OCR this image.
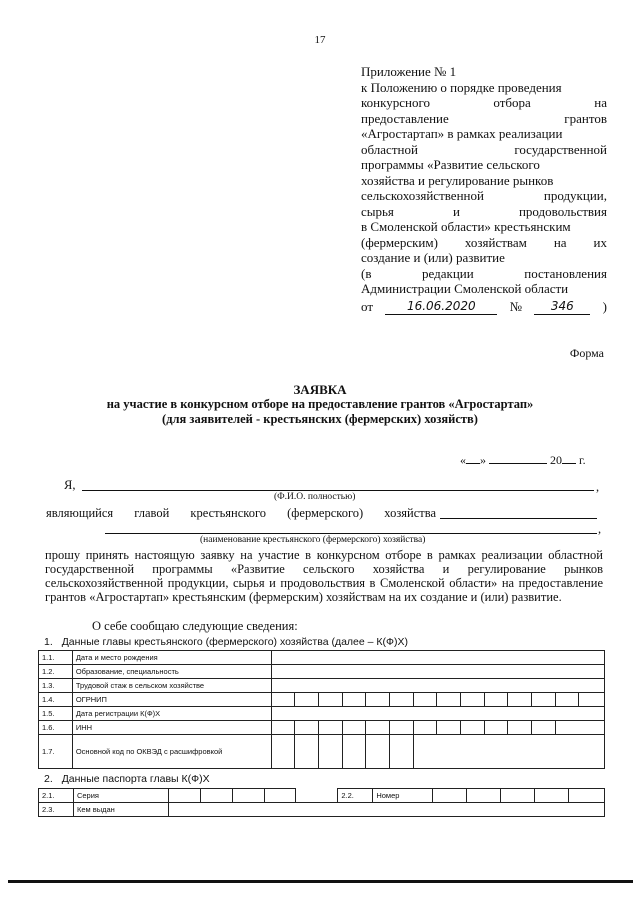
17
Приложение № 1
к Положению о порядке проведения
конкурсного	отбора	на
предоставление	грантов
«Агростартап» в рамках реализации
областной	государственной
программы «Развитие сельского
хозяйства и регулирование рынков
сельскохозяйственной	продукции,
сырья	и	продовольствия
в Смоленской области» крестьянским
(фермерским) хозяйствам на их
создание и (или) развитие
(в	редакции	постановления
Администрации Смоленской области
от	16.06.2020	№	346	)
Форма
ЗАЯВКА
на участие в конкурсном отборе на предоставление грантов «Агростартап»
(для заявителей - крестьянских (фермерских) хозяйств)
« »	20 г.
Я,	,
(Ф.И.О. полностью)
являющийся главой крестьянского (фермерского) хозяйства
,
(наименование крестьянского (фермерского) хозяйства)
прошу принять настоящую заявку на участие в конкурсном отборе в рамках реализации областной государственной программы «Развитие сельского хозяйства и регулирование рынков сельскохозяйственной продукции, сырья и продовольствия в Смоленской области» на предоставление грантов «Агростартап» крестьянским (фермерским) хозяйствам на их создание и (или) развитие.
О себе сообщаю следующие сведения:
1. Данные главы крестьянского (фермерского) хозяйства (далее – К(Ф)Х)
1.1.	Дата и место рождения														
1.2.	Образование, специальность														
1.3.	Трудовой стаж в сельском хозяйстве														
1.4.	ОГРНИП														
1.5.	Дата регистрации К(Ф)Х														
1.6.	ИНН														
1.7.	Основной код по ОКВЭД с расшифровкой														
2. Данные паспорта главы К(Ф)Х
2.1.	Серия						2.2.	Номер					
2.3.	Кем выдан												
